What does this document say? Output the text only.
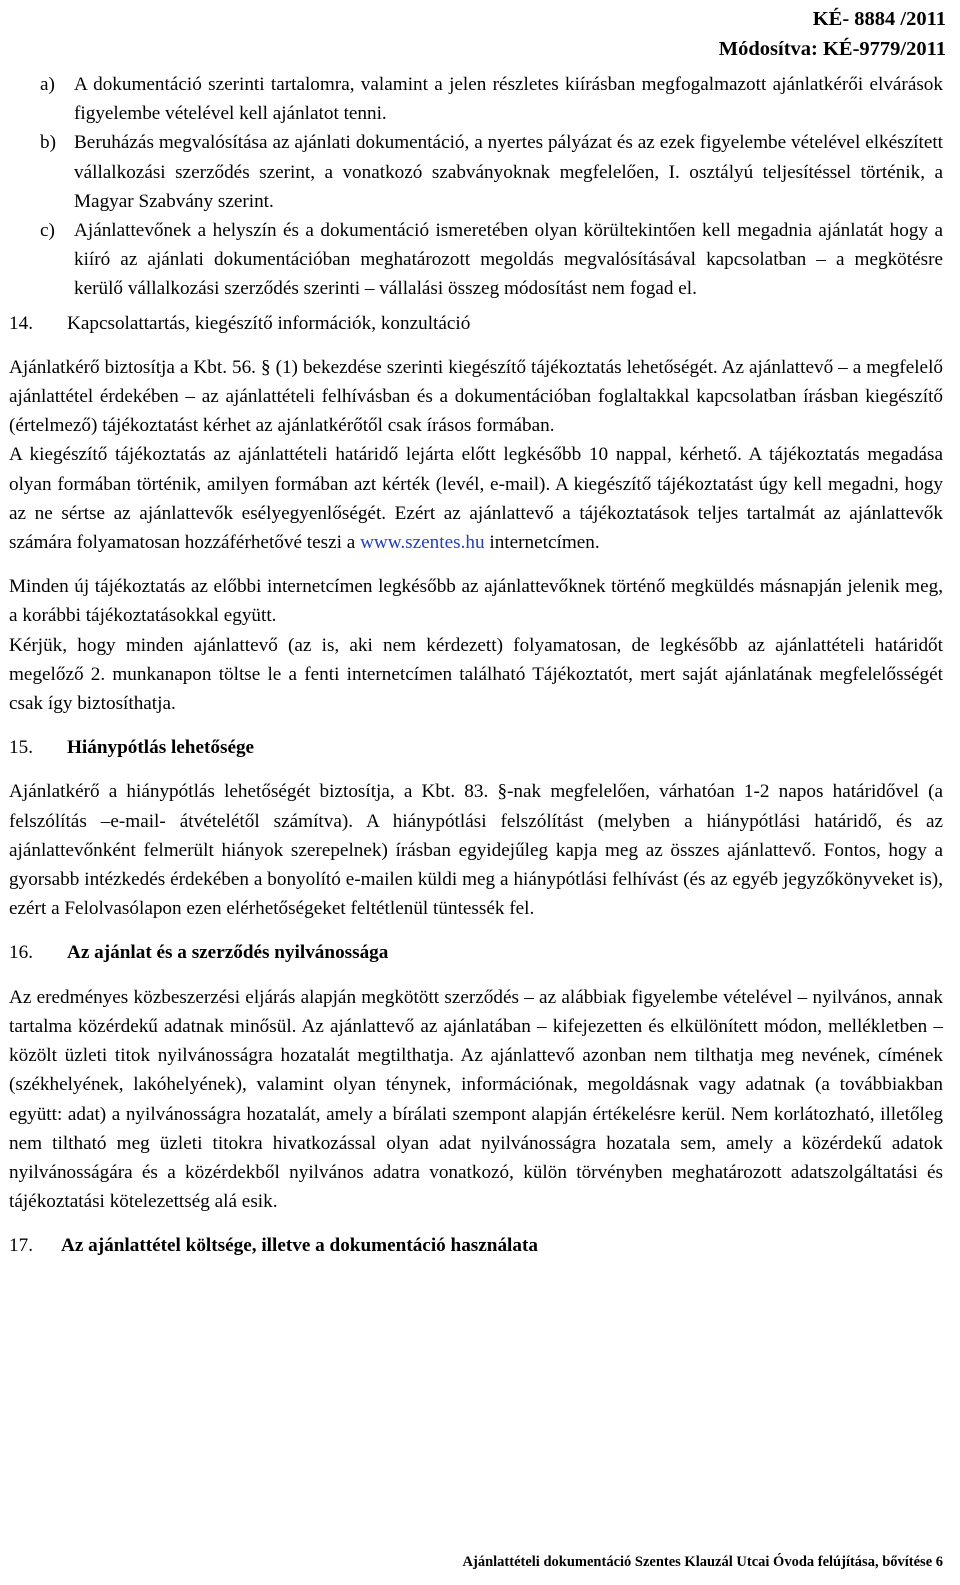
KÉ- 8884 /2011
Módosítva: KÉ-9779/2011
a) A dokumentáció szerinti tartalomra, valamint a jelen részletes kiírásban megfogalmazott ajánlatkérői elvárások figyelembe vételével kell ajánlatot tenni.
b) Beruházás megvalósítása az ajánlati dokumentáció, a nyertes pályázat és az ezek figyelembe vételével elkészített vállalkozási szerződés szerint, a vonatkozó szabványoknak megfelelően, I. osztályú teljesítéssel történik, a Magyar Szabvány szerint.
c) Ajánlattevőnek a helyszín és a dokumentáció ismeretében olyan körültekintően kell megadnia ajánlatát hogy a kiíró az ajánlati dokumentációban meghatározott megoldás megvalósításával kapcsolatban – a megkötésre kerülő vállalkozási szerződés szerinti – vállalási összeg módosítást nem fogad el.
14.	Kapcsolattartás, kiegészítő információk, konzultáció
Ajánlatkérő biztosítja a Kbt. 56. § (1) bekezdése szerinti kiegészítő tájékoztatás lehetőségét. Az ajánlattevő – a megfelelő ajánlattétel érdekében – az ajánlattételi felhívásban és a dokumentációban foglaltakkal kapcsolatban írásban kiegészítő (értelmező) tájékoztatást kérhet az ajánlatkérőtől csak írásos formában.
A kiegészítő tájékoztatás az ajánlattételi határidő lejárta előtt legkésőbb 10 nappal, kérhető. A tájékoztatás megadása olyan formában történik, amilyen formában azt kérték (levél, e-mail). A kiegészítő tájékoztatást úgy kell megadni, hogy az ne sértse az ajánlattevők esélyegyenlőségét. Ezért az ajánlattevő a tájékoztatások teljes tartalmát az ajánlattevők számára folyamatosan hozzáférhetővé teszi a www.szentes.hu internetcímen.
Minden új tájékoztatás az előbbi internetcímen legkésőbb az ajánlattevőknek történő megküldés másnapján jelenik meg, a korábbi tájékoztatásokkal együtt.
Kérjük, hogy minden ajánlattevő (az is, aki nem kérdezett) folyamatosan, de legkésőbb az ajánlattételi határidőt megelőző 2. munkanapon töltse le a fenti internetcímen található Tájékoztatót, mert saját ajánlatának megfelelősségét csak így biztosíthatja.
15.	Hiánypótlás lehetősége
Ajánlatkérő a hiánypótlás lehetőségét biztosítja, a Kbt. 83. §-nak megfelelően, várhatóan 1-2 napos határidővel (a felszólítás –e-mail- átvételétől számítva). A hiánypótlási felszólítást (melyben a hiánypótlási határidő, és az ajánlattevőnként felmerült hiányok szerepelnek) írásban egyidejűleg kapja meg az összes ajánlattevő. Fontos, hogy a gyorsabb intézkedés érdekében a bonyolító e-mailen küldi meg a hiánypótlási felhívást (és az egyéb jegyzőkönyveket is), ezért a Felolvasólapon ezen elérhetőségeket feltétlenül tüntessék fel.
16.	Az ajánlat és a szerződés nyilvánossága
Az eredményes közbeszerzési eljárás alapján megkötött szerződés – az alábbiak figyelembe vételével – nyilvános, annak tartalma közérdekű adatnak minősül. Az ajánlattevő az ajánlatában – kifejezetten és elkülönített módon, mellékletben – közölt üzleti titok nyilvánosságra hozatalát megtilthatja. Az ajánlattevő azonban nem tilthatja meg nevének, címének (székhelyének, lakóhelyének), valamint olyan ténynek, információnak, megoldásnak vagy adatnak (a továbbiakban együtt: adat) a nyilvánosságra hozatalát, amely a bírálati szempont alapján értékelésre kerül. Nem korlátozható, illetőleg nem tiltható meg üzleti titokra hivatkozással olyan adat nyilvánosságra hozatala sem, amely a közérdekű adatok nyilvánosságára és a közérdekből nyilvános adatra vonatkozó, külön törvényben meghatározott adatszolgáltatási és tájékoztatási kötelezettség alá esik.
17.	Az ajánlattétel költsége, illetve a dokumentáció használata
Ajánlattételi dokumentáció Szentes Klauzál Utcai Óvoda felújítása, bővítése 6
